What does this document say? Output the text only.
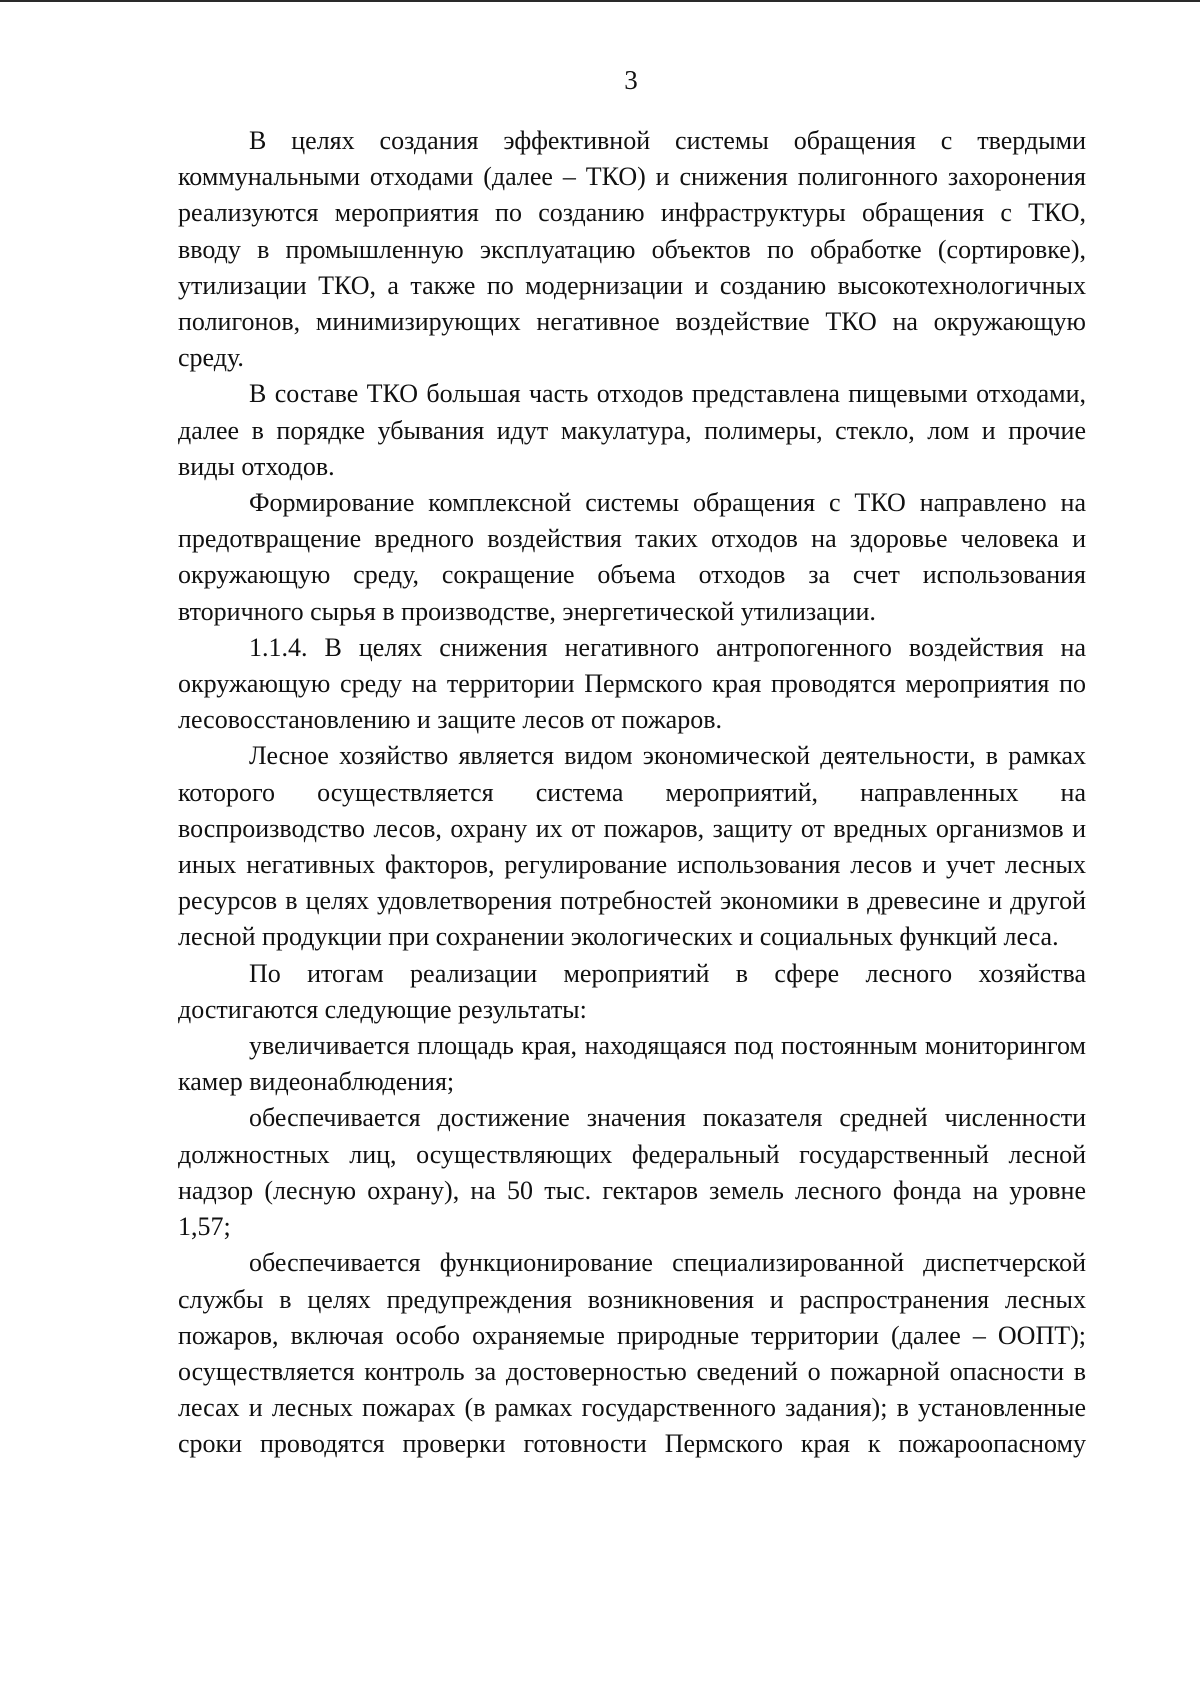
3

В целях создания эффективной системы обращения с твердыми коммунальными отходами (далее – ТКО) и снижения полигонного захоронения реализуются мероприятия по созданию инфраструктуры обращения с ТКО, вводу в промышленную эксплуатацию объектов по обработке (сортировке), утилизации ТКО, а также по модернизации и созданию высокотехнологичных полигонов, минимизирующих негативное воздействие ТКО на окружающую среду.

В составе ТКО большая часть отходов представлена пищевыми отходами, далее в порядке убывания идут макулатура, полимеры, стекло, лом и прочие виды отходов.

Формирование комплексной системы обращения с ТКО направлено на предотвращение вредного воздействия таких отходов на здоровье человека и окружающую среду, сокращение объема отходов за счет использования вторичного сырья в производстве, энергетической утилизации.

1.1.4. В целях снижения негативного антропогенного воздействия на окружающую среду на территории Пермского края проводятся мероприятия по лесовосстановлению и защите лесов от пожаров.

Лесное хозяйство является видом экономической деятельности, в рамках которого осуществляется система мероприятий, направленных на воспроизводство лесов, охрану их от пожаров, защиту от вредных организмов и иных негативных факторов, регулирование использования лесов и учет лесных ресурсов в целях удовлетворения потребностей экономики в древесине и другой лесной продукции при сохранении экологических и социальных функций леса.

По итогам реализации мероприятий в сфере лесного хозяйства достигаются следующие результаты:

увеличивается площадь края, находящаяся под постоянным мониторингом камер видеонаблюдения;

обеспечивается достижение значения показателя средней численности должностных лиц, осуществляющих федеральный государственный лесной надзор (лесную охрану), на 50 тыс. гектаров земель лесного фонда на уровне 1,57;

обеспечивается функционирование специализированной диспетчерской службы в целях предупреждения возникновения и распространения лесных пожаров, включая особо охраняемые природные территории (далее – ООПТ); осуществляется контроль за достоверностью сведений о пожарной опасности в лесах и лесных пожарах (в рамках государственного задания); в установленные сроки проводятся проверки готовности Пермского края к пожароопасному
